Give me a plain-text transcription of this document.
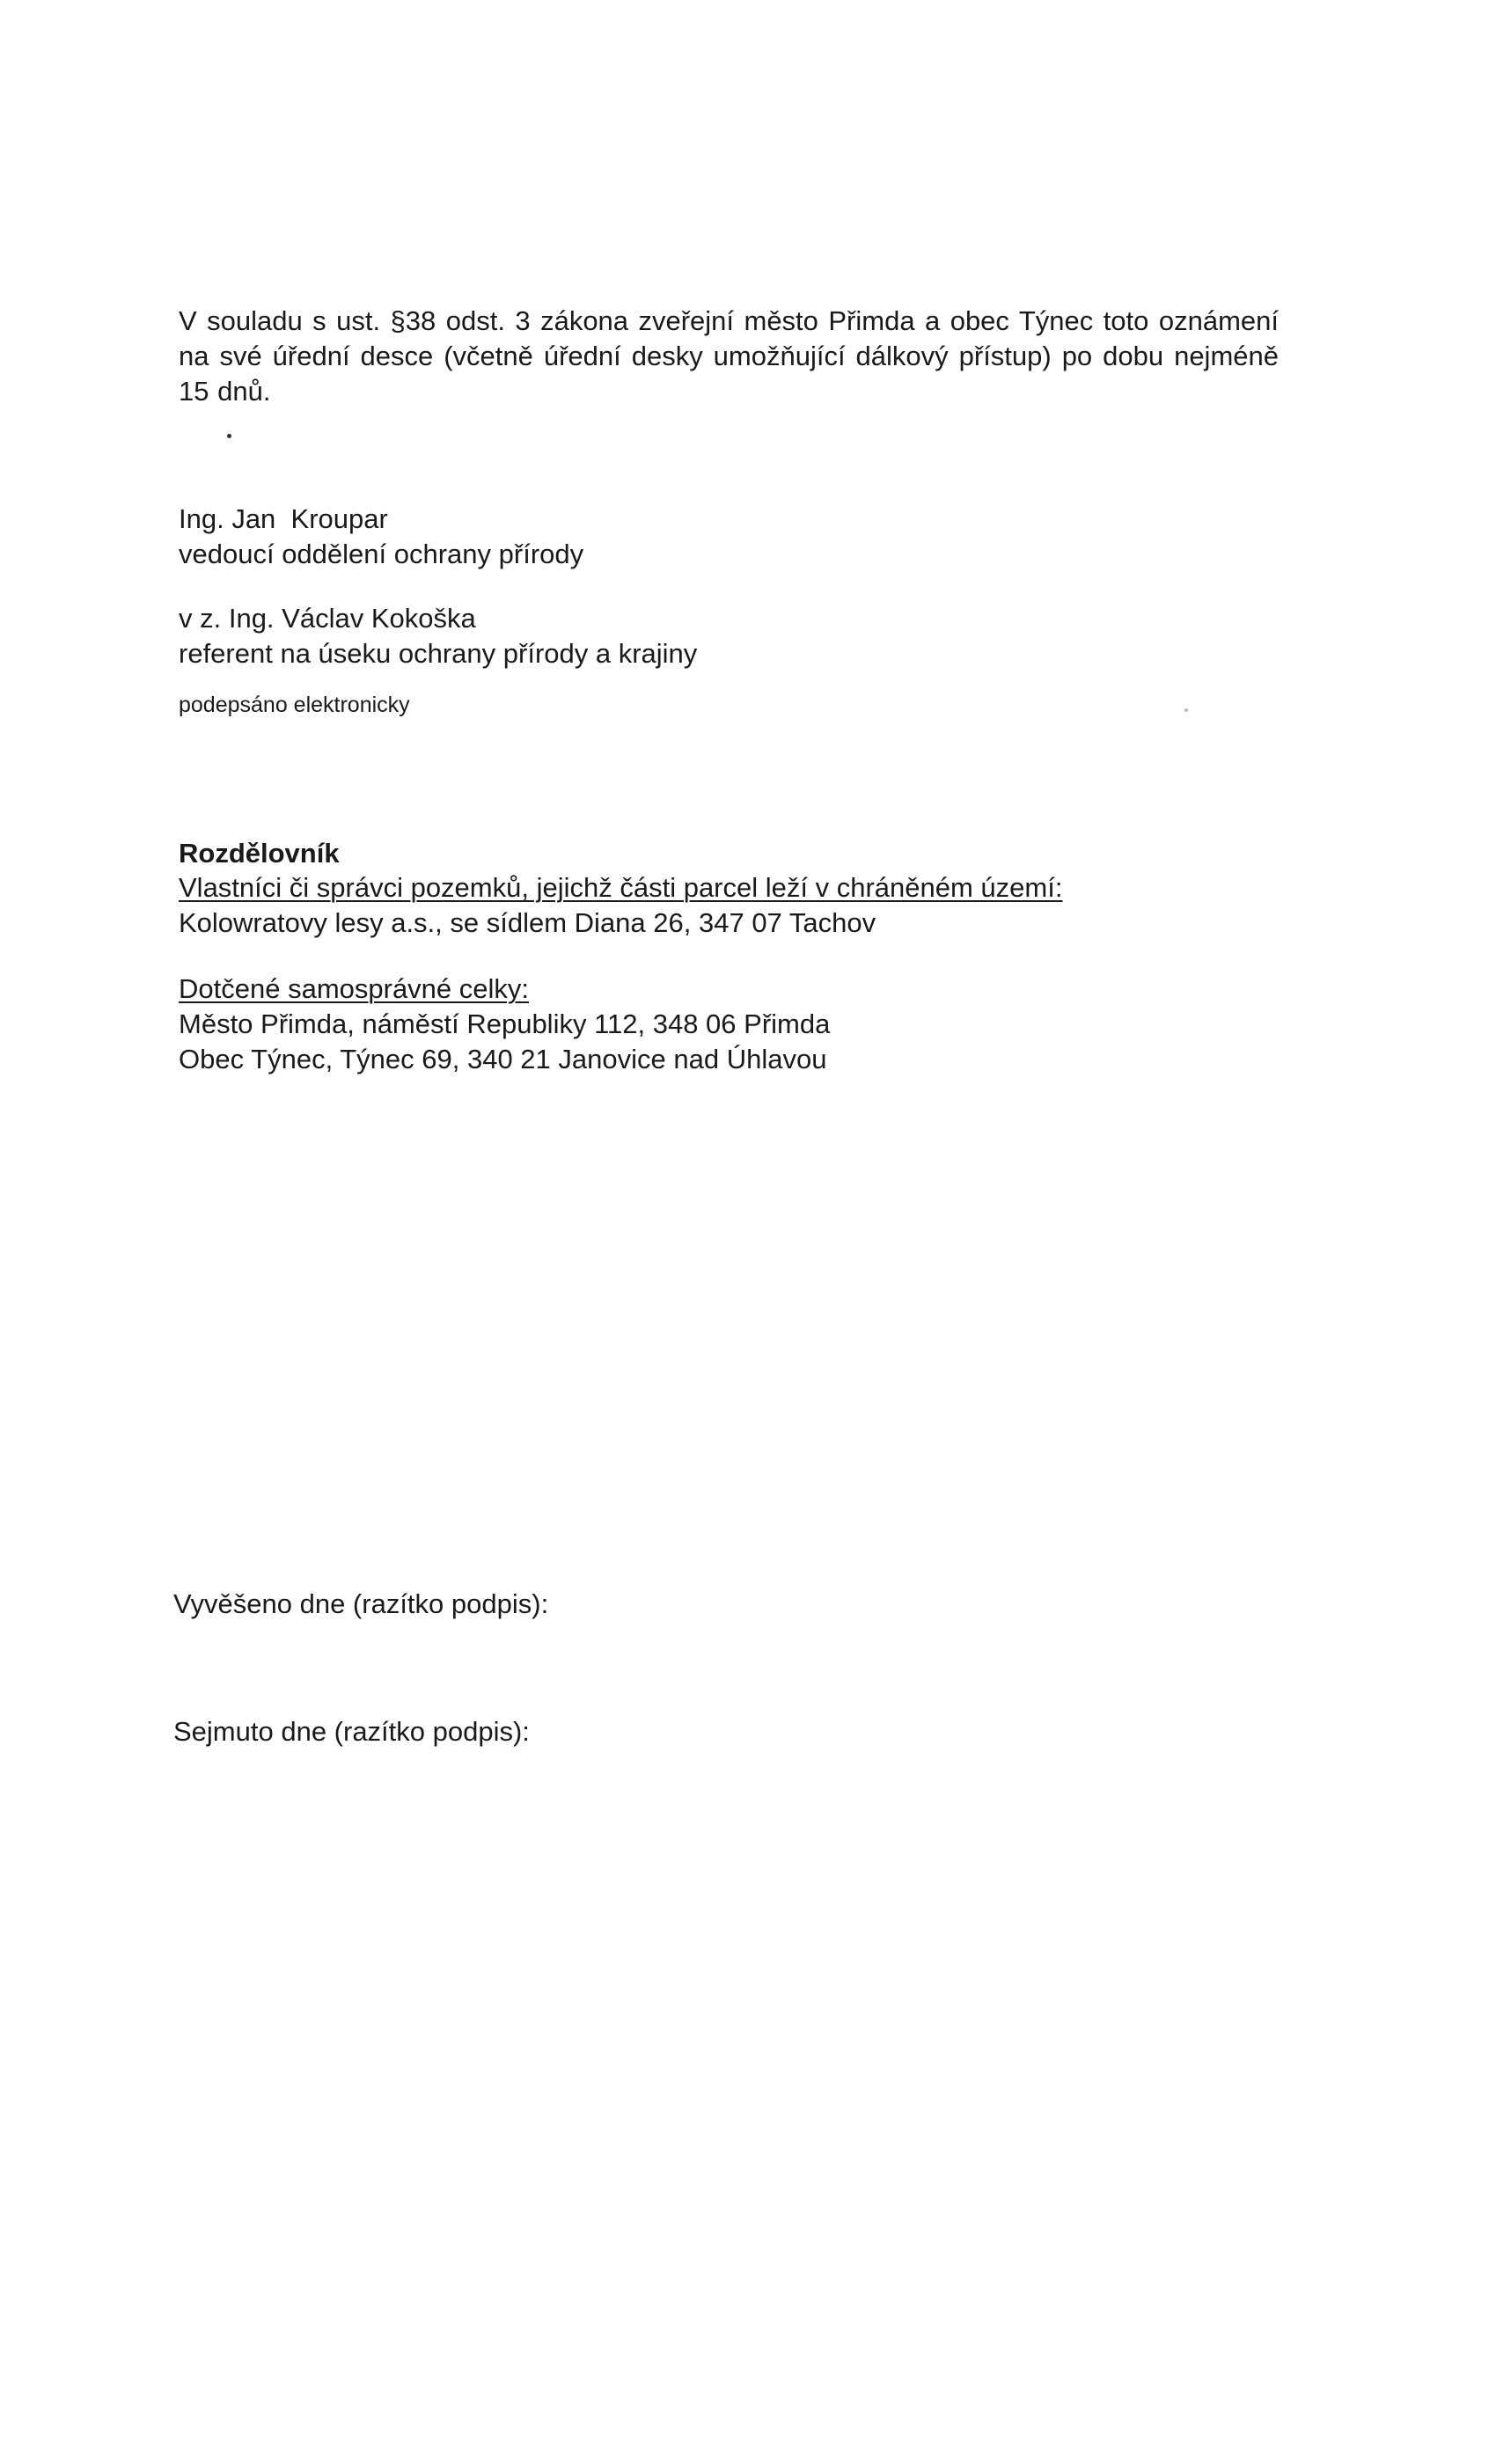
V souladu s ust. §38 odst. 3 zákona zveřejní město Přimda a obec Týnec toto oznámení na své úřední desce (včetně úřední desky umožňující dálkový přístup) po dobu nejméně 15 dnů.

Ing. Jan  Kroupar
vedoucí oddělení ochrany přírody
v z. Ing. Václav Kokoška
referent na úseku ochrany přírody a krajiny
podepsáno elektronicky

Rozdělovník

Vlastníci či správci pozemků, jejichž části parcel leží v chráněném území:
Kolowratovy lesy a.s., se sídlem Diana 26, 347 07 Tachov
Dotčené samosprávné celky:
Město Přimda, náměstí Republiky 112, 348 06 Přimda
Obec Týnec, Týnec 69, 340 21 Janovice nad Úhlavou
Vyvěšeno dne (razítko podpis):
Sejmuto dne (razítko podpis):
